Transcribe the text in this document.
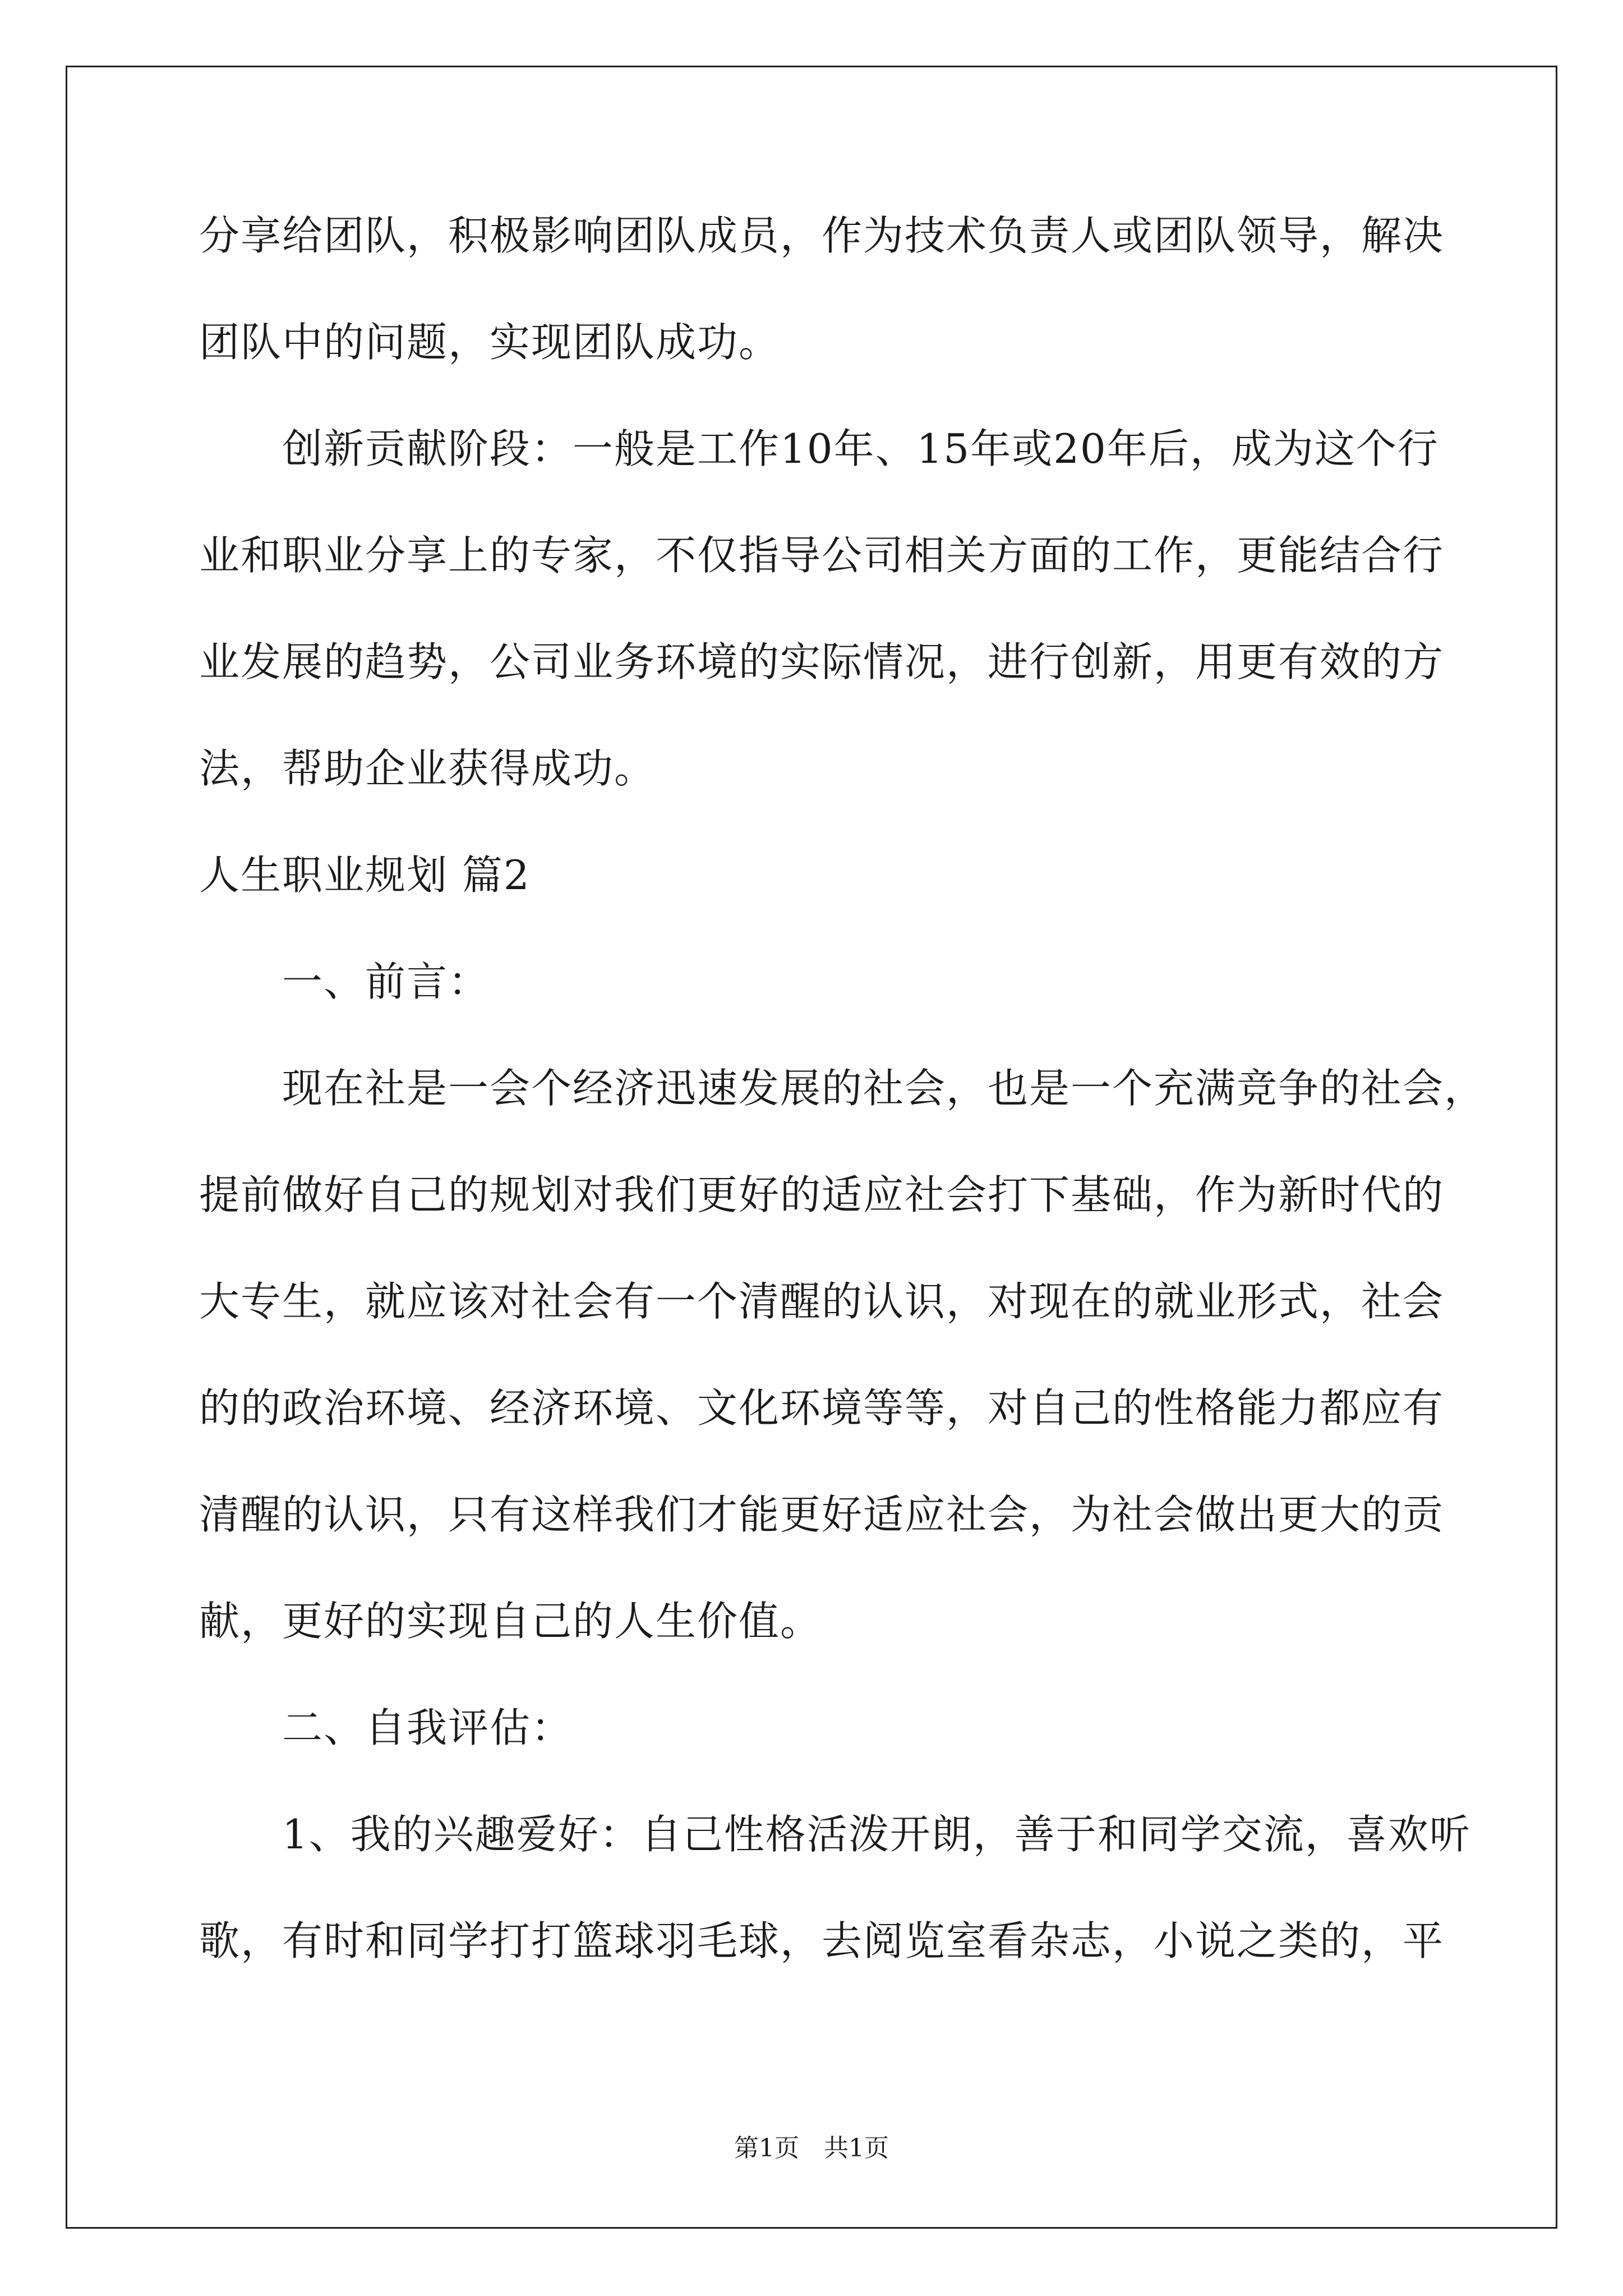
分享给团队，积极影响团队成员，作为技术负责人或团队领导，解决
团队中的问题，实现团队成功。
创新贡献阶段：一般是工作10年、15年或20年后，成为这个行
业和职业分享上的专家，不仅指导公司相关方面的工作，更能结合行
业发展的趋势，公司业务环境的实际情况，进行创新，用更有效的方
法，帮助企业获得成功。
人生职业规划 篇2
一、前言：
现在社是一会个经济迅速发展的社会，也是一个充满竞争的社会，
提前做好自己的规划对我们更好的适应社会打下基础，作为新时代的
大专生，就应该对社会有一个清醒的认识，对现在的就业形式，社会
的的政治环境、经济环境、文化环境等等，对自己的性格能力都应有
清醒的认识，只有这样我们才能更好适应社会，为社会做出更大的贡
献，更好的实现自己的人生价值。
二、自我评估：
1、我的兴趣爱好：自己性格活泼开朗，善于和同学交流，喜欢听
歌，有时和同学打打篮球羽毛球，去阅览室看杂志，小说之类的，平
第1页　共1页
